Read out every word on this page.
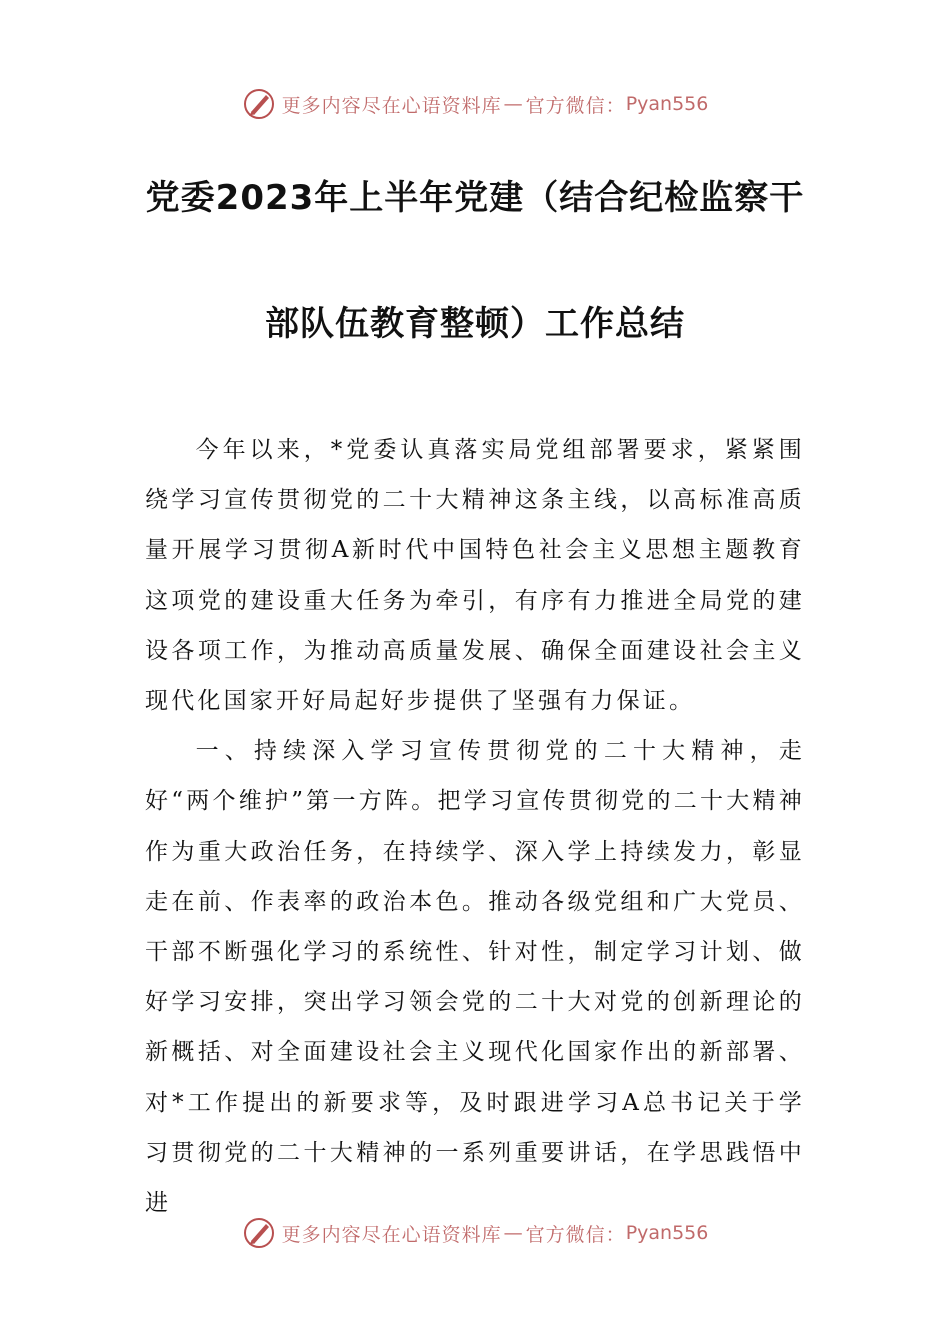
更多内容尽在心语资料库 — 官方微信： Pyan556
党委2023年上半年党建（结合纪检监察干
部队伍教育整顿）工作总结

今年以来，*党委认真落实局党组部署要求，紧紧围绕学习宣传贯彻党的二十大精神这条主线，以高标准高质量开展学习贯彻A新时代中国特色社会主义思想主题教育这项党的建设重大任务为牵引，有序有力推进全局党的建设各项工作，为推动高质量发展、确保全面建设社会主义现代化国家开好局起好步提供了坚强有力保证。

一、持续深入学习宣传贯彻党的二十大精神，走好“两个维护”第一方阵。把学习宣传贯彻党的二十大精神作为重大政治任务，在持续学、深入学上持续发力，彰显走在前、作表率的政治本色。推动各级党组和广大党员、干部不断强化学习的系统性、针对性，制定学习计划、做好学习安排，突出学习领会党的二十大对党的创新理论的新概括、对全面建设社会主义现代化国家作出的新部署、对*工作提出的新要求等，及时跟进学习A总书记关于学习贯彻党的二十大精神的一系列重要讲话，在学思践悟中进

更多内容尽在心语资料库 — 官方微信： Pyan556
